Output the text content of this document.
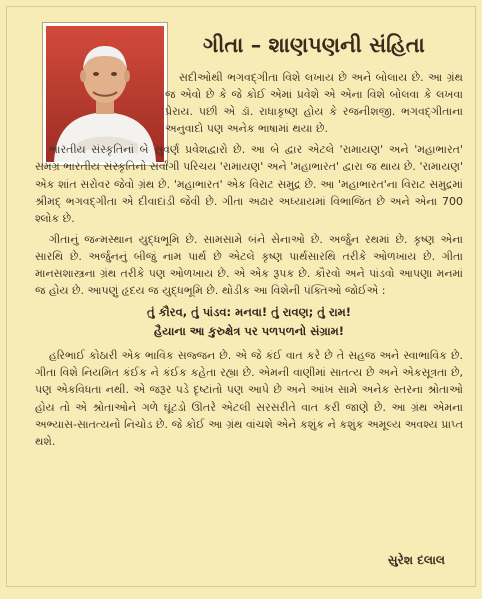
ગીતા – શાણપણની સંહિતા

સદીઓથી ભગવદ્ગીતા વિશે લખાય છે અને બોલાય છે. આ ગ્રંથ જ એવો છે કે જે કોઈ એમાં પ્રવેશે એ એના વિશે બોલવા કે લખવા પ્રેરાય. પછી એ ડૉ. રાધાકૃષ્ણ હોય કે રજનીશજી. ભગવદ્ગીતાના અનુવાદો પણ અનેક ભાષામાં થયા છે.

ભારતીય સંસ્કૃતિનાં બે સુવર્ણ પ્રવેશદ્વારો છે. આ બે દ્વાર એટલે 'રામાયણ' અને 'મહાભારત' સમગ્ર ભારતીય સંસ્કૃતિનો સર્વાંગી પરિચય 'રામાયણ' અને 'મહાભારત' દ્વારા જ થાય છે. 'રામાયણ' એક શાંત સરોવર જેવો ગ્રંથ છે. 'મહાભારત' એક વિરાટ સમુદ્ર છે. આ 'મહાભારત'ના વિરાટ સમુદ્રમાં શ્રીમદ્ ભગવદ્ગીતા એ દીવાદાંડી જેવી છે. ગીતા અઢાર અધ્યાયમાં વિભાજિત છે અને એના 700 શ્લોક છે.

ગીતાનું જન્મસ્થાન યુદ્ધભૂમિ છે. સામસામે બંને સેનાઓ છે. અર્જુન રથમાં છે. કૃષ્ણ એના સારથિ છે. અર્જુનનું બીજું નામ પાર્થ છે એટલે કૃષ્ણ પાર્થસારથિ તરીકે ઓળખાય છે. ગીતા માનસશાસ્ત્રના ગ્રંથ તરીકે પણ ઓળખાય છે. એ એક રૂપક છે. કૌરવો અને પાંડવો આપણા મનમાં જ હોય છે. આપણું હૃદય જ યુદ્ધભૂમિ છે. થોડીક આ વિશેની પંક્તિઓ જોઈએ :

તું કૌરવ, તું પાંડવ: મનવા! તું રાવણ; તું રામ!

હૈયાના આ કુરુક્ષેત્ર પર પળપળનો સંગ્રામ!

હરિભાઈ કોઠારી એક ભાવિક સજ્જન છે. એ જે કંઈ વાત કરે છે તે સહજ અને સ્વાભાવિક છે. ગીતા વિશે નિયમિત કંઈક ને કંઈક કહેતા રહ્યા છે. એમની વાણીમાં સાતત્ય છે અને એકસૂત્રતા છે, પણ એકવિધતા નથી. એ જરૂર પડે દૃષ્ટાંતો પણ આપે છે અને આંખ સામે અનેક સ્તરના શ્રોતાઓ હોય તો એ શ્રોતાઓને ગળે ઘૂંટડો ઊતરે એટલી સરસરીતે વાત કરી જાણે છે. આ ગ્રંથ એમના અભ્યાસ-સાતત્યનો નિચોડ છે. જે કોઈ આ ગ્રંથ વાંચશે એને કશુંક ને કશુંક અમૂલ્ય અવશ્ય પ્રાપ્ત થશે.

સુરેશ દલાલ
